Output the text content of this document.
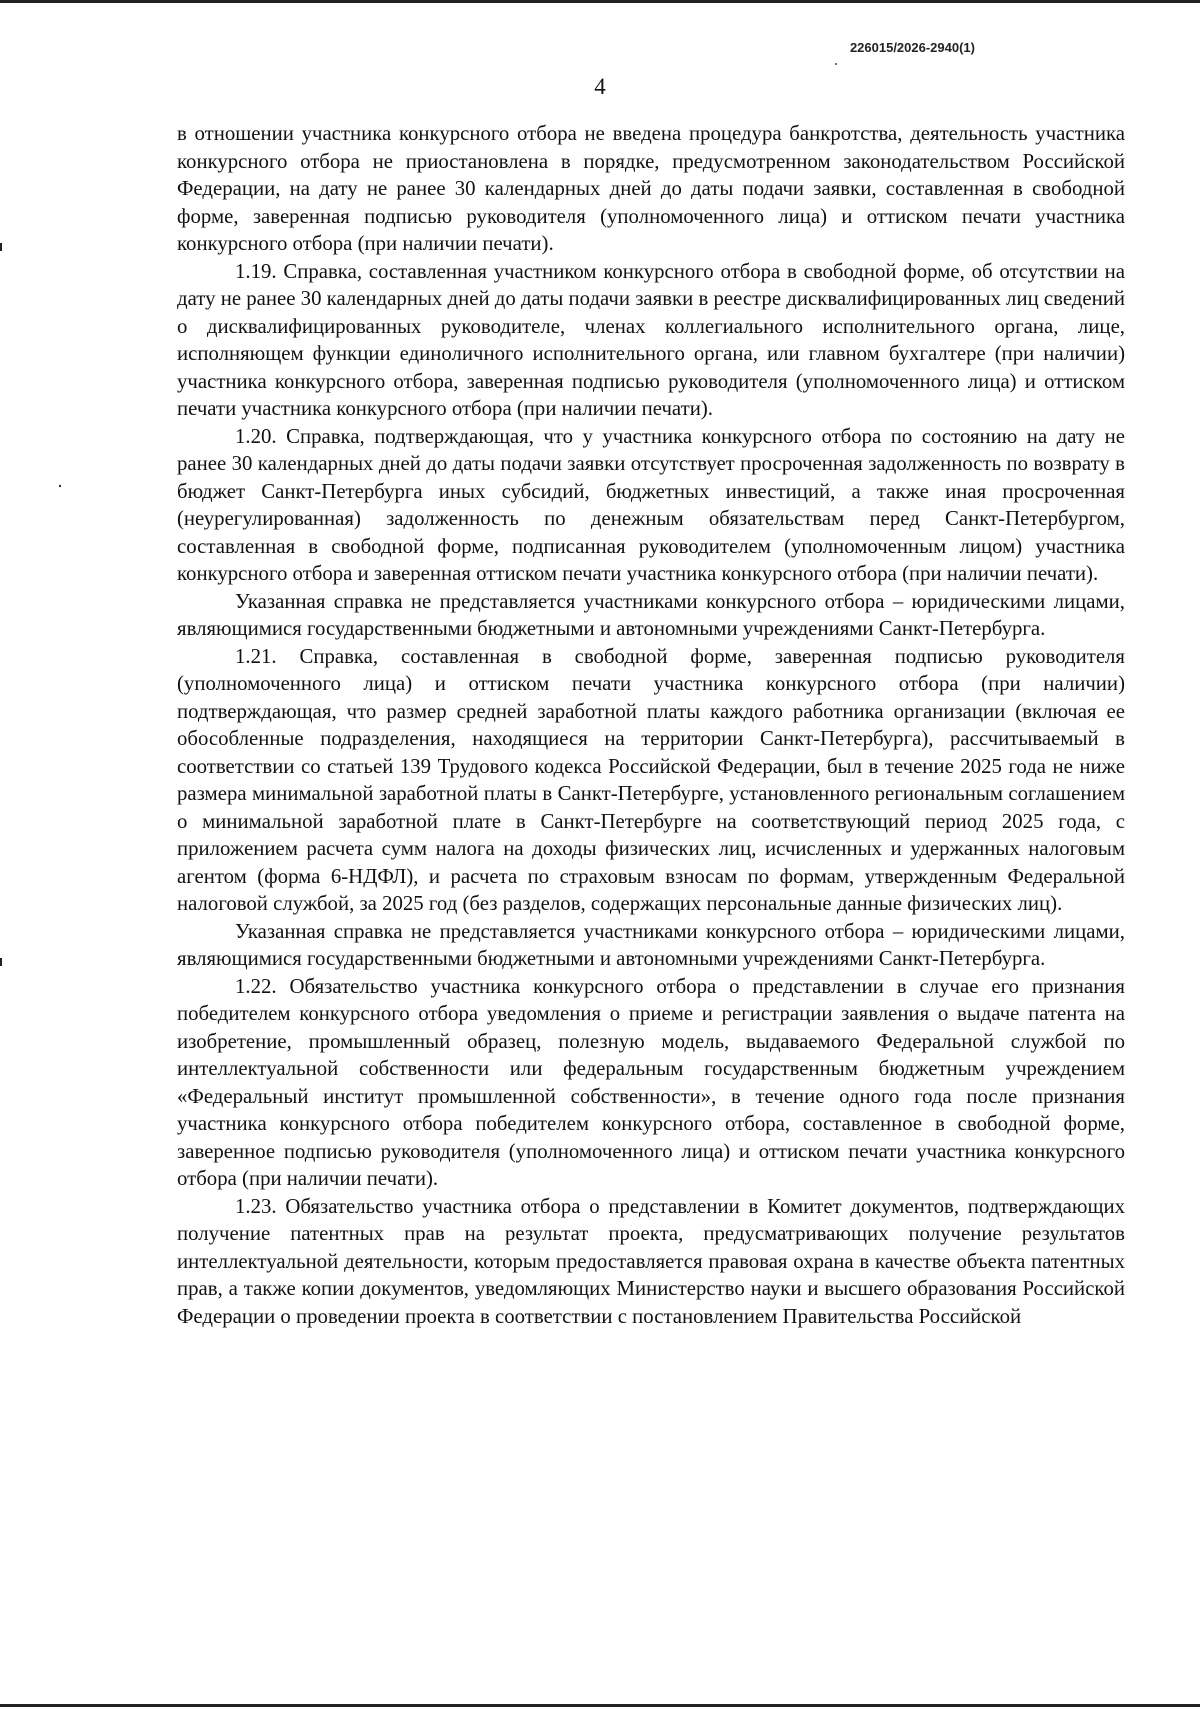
226015/2026-2940(1)
4

в отношении участника конкурсного отбора не введена процедура банкротства, деятельность участника конкурсного отбора не приостановлена в порядке, предусмотренном законодательством Российской Федерации, на дату не ранее 30 календарных дней до даты подачи заявки, составленная в свободной форме, заверенная подписью руководителя (уполномоченного лица) и оттиском печати участника конкурсного отбора (при наличии печати).

1.19. Справка, составленная участником конкурсного отбора в свободной форме, об отсутствии на дату не ранее 30 календарных дней до даты подачи заявки в реестре дисквалифицированных лиц сведений о дисквалифицированных руководителе, членах коллегиального исполнительного органа, лице, исполняющем функции единоличного исполнительного органа, или главном бухгалтере (при наличии) участника конкурсного отбора, заверенная подписью руководителя (уполномоченного лица) и оттиском печати участника конкурсного отбора (при наличии печати).

1.20. Справка, подтверждающая, что у участника конкурсного отбора по состоянию на дату не ранее 30 календарных дней до даты подачи заявки отсутствует просроченная задолженность по возврату в бюджет Санкт-Петербурга иных субсидий, бюджетных инвестиций, а также иная просроченная (неурегулированная) задолженность по денежным обязательствам перед Санкт-Петербургом, составленная в свободной форме, подписанная руководителем (уполномоченным лицом) участника конкурсного отбора и заверенная оттиском печати участника конкурсного отбора (при наличии печати).

Указанная справка не представляется участниками конкурсного отбора – юридическими лицами, являющимися государственными бюджетными и автономными учреждениями Санкт-Петербурга.

1.21. Справка, составленная в свободной форме, заверенная подписью руководителя (уполномоченного лица) и оттиском печати участника конкурсного отбора (при наличии) подтверждающая, что размер средней заработной платы каждого работника организации (включая ее обособленные подразделения, находящиеся на территории Санкт-Петербурга), рассчитываемый в соответствии со статьей 139 Трудового кодекса Российской Федерации, был в течение 2025 года не ниже размера минимальной заработной платы в Санкт-Петербурге, установленного региональным соглашением о минимальной заработной плате в Санкт-Петербурге на соответствующий период 2025 года, с приложением расчета сумм налога на доходы физических лиц, исчисленных и удержанных налоговым агентом (форма 6-НДФЛ), и расчета по страховым взносам по формам, утвержденным Федеральной налоговой службой, за 2025 год (без разделов, содержащих персональные данные физических лиц).

Указанная справка не представляется участниками конкурсного отбора – юридическими лицами, являющимися государственными бюджетными и автономными учреждениями Санкт-Петербурга.

1.22. Обязательство участника конкурсного отбора о представлении в случае его признания победителем конкурсного отбора уведомления о приеме и регистрации заявления о выдаче патента на изобретение, промышленный образец, полезную модель, выдаваемого Федеральной службой по интеллектуальной собственности или федеральным государственным бюджетным учреждением «Федеральный институт промышленной собственности», в течение одного года после признания участника конкурсного отбора победителем конкурсного отбора, составленное в свободной форме, заверенное подписью руководителя (уполномоченного лица) и оттиском печати участника конкурсного отбора (при наличии печати).

1.23. Обязательство участника отбора о представлении в Комитет документов, подтверждающих получение патентных прав на результат проекта, предусматривающих получение результатов интеллектуальной деятельности, которым предоставляется правовая охрана в качестве объекта патентных прав, а также копии документов, уведомляющих Министерство науки и высшего образования Российской Федерации о проведении проекта в соответствии с постановлением Правительства Российской
